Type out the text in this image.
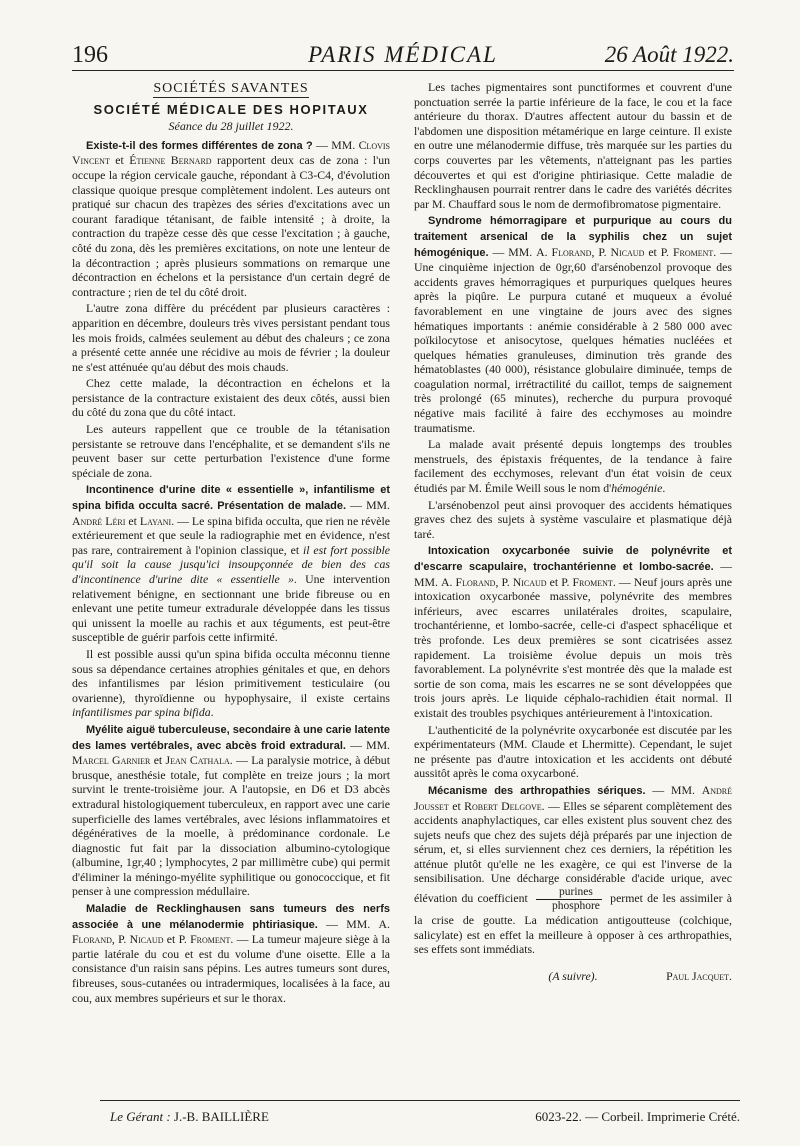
196	PARIS MÉDICAL	26 Août 1922.
SOCIÉTÉS SAVANTES
SOCIÉTÉ MÉDICALE DES HOPITAUX
Séance du 28 juillet 1922.

Existe-t-il des formes différentes de zona ? — MM. Clovis Vincent et Étienne Bernard rapportent deux cas de zona : l'un occupe la région cervicale gauche, répondant à C3-C4, d'évolution classique quoique presque complètement indolent. Les auteurs ont pratiqué sur chacun des trapèzes des séries d'excitations avec un courant faradique tétanisant, de faible intensité ; à droite, la contraction du trapèze cesse dès que cesse l'excitation ; à gauche, côté du zona, dès les premières excitations, on note une lenteur de la décontraction ; après plusieurs sommations on remarque une décontraction en échelons et la persistance d'un certain degré de contracture ; rien de tel du côté droit.

L'autre zona diffère du précédent par plusieurs caractères : apparition en décembre, douleurs très vives persistant pendant tous les mois froids, calmées seulement au début des chaleurs ; ce zona a présenté cette année une récidive au mois de février ; la douleur ne s'est atténuée qu'au début des mois chauds.

Chez cette malade, la décontraction en échelons et la persistance de la contracture existaient des deux côtés, aussi bien du côté du zona que du côté intact.

Les auteurs rappellent que ce trouble de la tétanisation persistante se retrouve dans l'encéphalite, et se demandent s'ils ne peuvent baser sur cette perturbation l'existence d'une forme spéciale de zona.

Incontinence d'urine dite « essentielle », infantilisme et spina bifida occulta sacré. Présentation de malade. — MM. André Léri et Layani. — Le spina bifida occulta, que rien ne révèle extérieurement et que seule la radiographie met en évidence, n'est pas rare, contrairement à l'opinion classique, et il est fort possible qu'il soit la cause jusqu'ici insoupçonnée de bien des cas d'incontinence d'urine dite « essentielle ». Une intervention relativement bénigne, en sectionnant une bride fibreuse ou en enlevant une petite tumeur extradurale développée dans les tissus qui unissent la moelle au rachis et aux téguments, est peut-être susceptible de guérir parfois cette infirmité.

Il est possible aussi qu'un spina bifida occulta méconnu tienne sous sa dépendance certaines atrophies génitales et que, en dehors des infantilismes par lésion primitivement testiculaire (ou ovarienne), thyroïdienne ou hypophysaire, il existe certains infantilismes par spina bifida.

Myélite aiguë tuberculeuse, secondaire à une carie latente des lames vertébrales, avec abcès froid extradural. — MM. Marcel Garnier et Jean Cathala. — La paralysie motrice, à début brusque, anesthésie totale, fut complète en treize jours ; la mort survint le trente-troisième jour. A l'autopsie, en D6 et D3 abcès extradural histologiquement tuberculeux, en rapport avec une carie superficielle des lames vertébrales, avec lésions inflammatoires et dégénératives de la moelle, à prédominance cordonale. Le diagnostic fut fait par la dissociation albumino-cytologique (albumine, 1gr,40 ; lymphocytes, 2 par millimètre cube) qui permit d'éliminer la méningo-myélite syphilitique ou gonococcique, et fit penser à une compression médullaire.

Maladie de Recklinghausen sans tumeurs des nerfs associée à une mélanodermie phtiriasique. — MM. A. Florand, P. Nicaud et P. Froment. — La tumeur majeure siège à la partie latérale du cou et est du volume d'une oisette. Elle a la consistance d'un raisin sans pépins. Les autres tumeurs sont dures, fibreuses, sous-cutanées ou intradermiques, localisées à la face, au cou, aux membres supérieurs et sur le thorax.

Les taches pigmentaires sont punctiformes et couvrent d'une ponctuation serrée la partie inférieure de la face, le cou et la face antérieure du thorax. D'autres affectent autour du bassin et de l'abdomen une disposition métamérique en large ceinture. Il existe en outre une mélanodermie diffuse, très marquée sur les parties du corps couvertes par les vêtements, n'atteignant pas les parties découvertes et qui est d'origine phtiriasique. Cette maladie de Recklinghausen pourrait rentrer dans le cadre des variétés décrites par M. Chauffard sous le nom de dermofibromatose pigmentaire.

Syndrome hémorragipare et purpurique au cours du traitement arsenical de la syphilis chez un sujet hémogénique. — MM. A. Florand, P. Nicaud et P. Froment. — Une cinquième injection de 0gr,60 d'arsénobenzol provoque des accidents graves hémorragiques et purpuriques quelques heures après la piqûre. Le purpura cutané et muqueux a évolué favorablement en une vingtaine de jours avec des signes hématiques importants : anémie considérable à 2 580 000 avec poïkilocytose et anisocytose, quelques hématies nucléées et quelques hématies granuleuses, diminution très grande des hématoblastes (40 000), résistance globulaire diminuée, temps de coagulation normal, irrétractilité du caillot, temps de saignement très prolongé (65 minutes), recherche du purpura provoqué négative mais facilité à faire des ecchymoses au moindre traumatisme.

La malade avait présenté depuis longtemps des troubles menstruels, des épistaxis fréquentes, de la tendance à faire facilement des ecchymoses, relevant d'un état voisin de ceux étudiés par M. Émile Weill sous le nom d'hémogénie.

L'arsénobenzol peut ainsi provoquer des accidents hématiques graves chez des sujets à système vasculaire et plasmatique déjà taré.

Intoxication oxycarbonée suivie de polynévrite et d'escarre scapulaire, trochantérienne et lombo-sacrée. — MM. A. Florand, P. Nicaud et P. Froment. — Neuf jours après une intoxication oxycarbonée massive, polynévrite des membres inférieurs, avec escarres unilatérales droites, scapulaire, trochantérienne, et lombo-sacrée, celle-ci d'aspect sphacélique et très profonde. Les deux premières se sont cicatrisées assez rapidement. La troisième évolue depuis un mois très favorablement. La polynévrite s'est montrée dès que la malade est sortie de son coma, mais les escarres ne se sont développées que trois jours après. Le liquide céphalo-rachidien était normal. Il existait des troubles psychiques antérieurement à l'intoxication.

L'authenticité de la polynévrite oxycarbonée est discutée par les expérimentateurs (MM. Claude et Lhermitte). Cependant, le sujet ne présente pas d'autre intoxication et les accidents ont débuté aussitôt après le coma oxycarboné.

Mécanisme des arthropathies sériques. — MM. André Jousset et Robert Delgove. — Elles se séparent complètement des accidents anaphylactiques, car elles existent plus souvent chez des sujets neufs que chez des sujets déjà préparés par une injection de sérum, et, si elles surviennent chez ces derniers, la répétition les atténue plutôt qu'elle ne les exagère, ce qui est l'inverse de la sensibilisation. Une décharge considérable d'acide urique, avec élévation du coefficient $\frac{\text{purines}}{\text{phosphore}}$ permet de les assimiler à la crise de goutte. La médication antigoutteuse (colchique, salicylate) est en effet la meilleure à opposer à ces arthropathies, ses effets sont immédiats.

(A suivre).	Paul Jacquet.
Le Gérant : J.-B. BAILLIÈRE	6023-22. — Corbeil. Imprimerie Crété.
